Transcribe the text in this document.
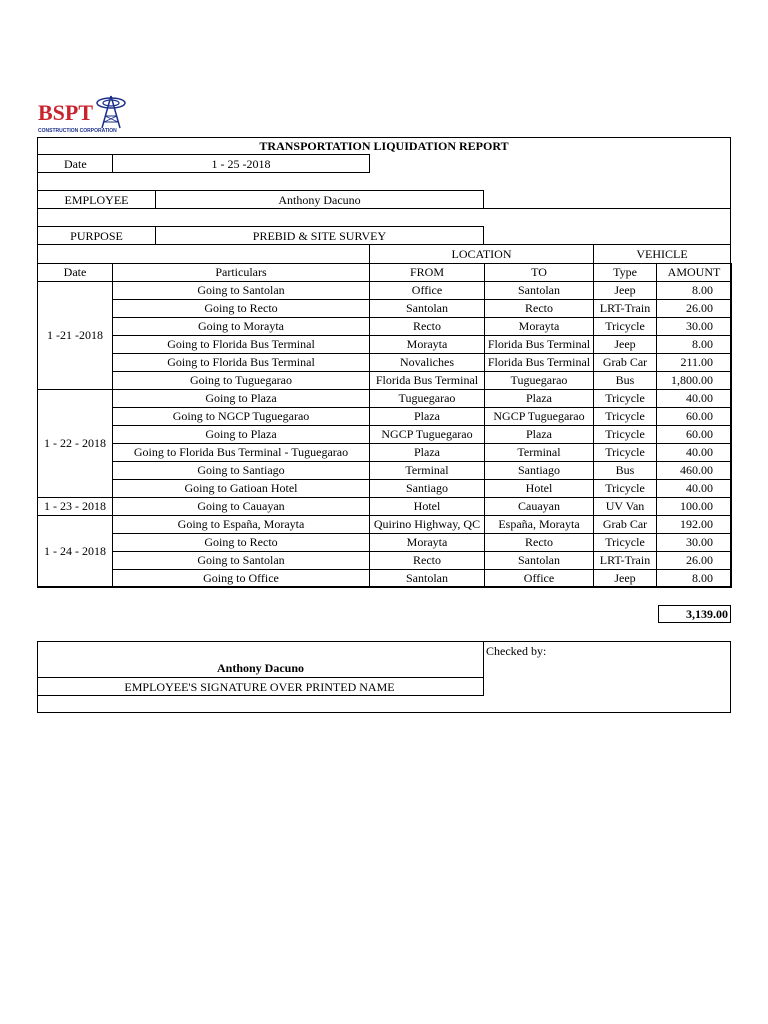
BSPT
CONSTRUCTION CORPORATION
TRANSPORTATION LIQUIDATION REPORT
Date	1 - 25 -2018
EMPLOYEE	Anthony Dacuno
PURPOSE	PREBID & SITE SURVEY
LOCATION	VEHICLE
Date	Particulars	FROM	TO	Type	AMOUNT
1 -21 -2018	Going to Santolan	Office	Santolan	Jeep	8.00
	Going to Recto	Santolan	Recto	LRT-Train	26.00
	Going to Morayta	Recto	Morayta	Tricycle	30.00
	Going to Florida Bus Terminal	Morayta	Florida Bus Terminal	Jeep	8.00
	Going to Florida Bus Terminal	Novaliches	Florida Bus Terminal	Grab Car	211.00
	Going to Tuguegarao	Florida Bus Terminal	Tuguegarao	Bus	1,800.00
1 - 22 - 2018	Going to Plaza	Tuguegarao	Plaza	Tricycle	40.00
	Going to NGCP Tuguegarao	Plaza	NGCP Tuguegarao	Tricycle	60.00
	Going to Plaza	NGCP Tuguegarao	Plaza	Tricycle	60.00
	Going to Florida Bus Terminal - Tuguegarao	Plaza	Terminal	Tricycle	40.00
	Going to Santiago	Terminal	Santiago	Bus	460.00
	Going to Gatioan Hotel	Santiago	Hotel	Tricycle	40.00
1 - 23 - 2018	Going to Cauayan	Hotel	Cauayan	UV Van	100.00
1 - 24 - 2018	Going to España, Morayta	Quirino Highway, QC	España, Morayta	Grab Car	192.00
	Going to Recto	Morayta	Recto	Tricycle	30.00
	Going to Santolan	Recto	Santolan	LRT-Train	26.00
	Going to Office	Santolan	Office	Jeep	8.00
3,139.00
Checked by:
Anthony Dacuno
EMPLOYEE'S SIGNATURE OVER PRINTED NAME
